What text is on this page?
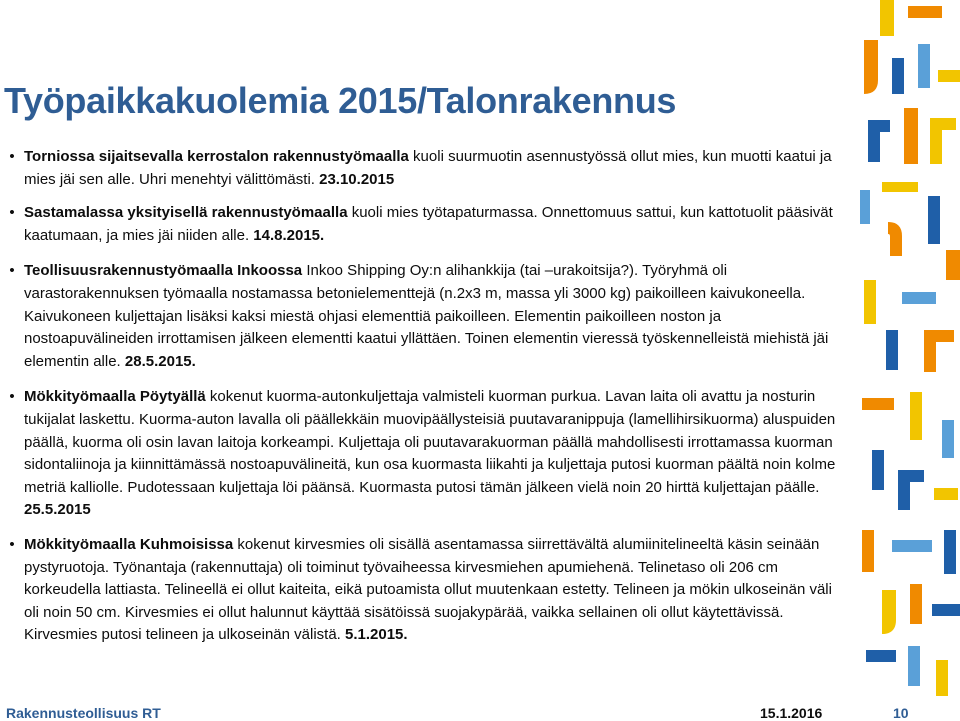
Työpaikkakuolemia 2015/Talonrakennus
• Torniossa sijaitsevalla kerrostalon rakennustyömaalla kuoli suurmuotin asennustyössä ollut mies, kun muotti kaatui ja mies jäi sen alle. Uhri menehtyi välittömästi. 23.10.2015
• Sastamalassa yksityisellä rakennustyömaalla kuoli mies työtapaturmassa. Onnettomuus sattui, kun kattotuolit pääsivät kaatumaan, ja mies jäi niiden alle. 14.8.2015.
• Teollisuusrakennustyömaalla Inkoossa Inkoo Shipping Oy:n alihankkija (tai –urakoitsija?). Työryhmä oli varastorakennuksen työmaalla nostamassa betonielementtejä (n.2x3 m, massa yli 3000 kg) paikoilleen kaivukoneella. Kaivukoneen kuljettajan lisäksi kaksi miestä ohjasi elementtiä paikoilleen. Elementin paikoilleen noston ja nostoapuvälineiden irrottamisen jälkeen elementti kaatui yllättäen. Toinen elementin vieressä työskennelleistä miehistä jäi elementin alle. 28.5.2015.
• Mökkityömaalla Pöytyällä kokenut kuorma-autonkuljettaja valmisteli kuorman purkua. Lavan laita oli avattu ja nosturin tukijalat laskettu. Kuorma-auton lavalla oli päällekkäin muovipäällysteisiä puutavaranippuja (lamellihirsikuorma) aluspuiden päällä, kuorma oli osin lavan laitoja korkeampi. Kuljettaja oli puutavarakuorman päällä mahdollisesti irrottamassa kuorman sidontaliinoja ja kiinnittämässä nostoapuvälineitä, kun osa kuormasta liikahti ja kuljettaja putosi kuorman päältä noin kolme metriä kalliolle. Pudotessaan kuljettaja löi päänsä. Kuormasta putosi tämän jälkeen vielä noin 20 hirttä kuljettajan päälle. 25.5.2015
• Mökkityömaalla Kuhmoisissa kokenut kirvesmies oli sisällä asentamassa siirrettävältä alumiinitelineeltä käsin seinään pystyruotoja. Työnantaja (rakennuttaja) oli toiminut työvaiheessa kirvesmiehen apumiehenä. Telinetaso oli 206 cm korkeudella lattiasta. Telineellä ei ollut kaiteita, eikä putoamista ollut muutenkaan estetty. Telineen ja mökin ulkoseinän väli oli noin 50 cm. Kirvesmies ei ollut halunnut käyttää sisätöissä suojakypärää, vaikka sellainen oli ollut käytettävissä. Kirvesmies putosi telineen ja ulkoseinän välistä. 5.1.2015.
Rakennusteollisuus RT	15.1.2016	10
